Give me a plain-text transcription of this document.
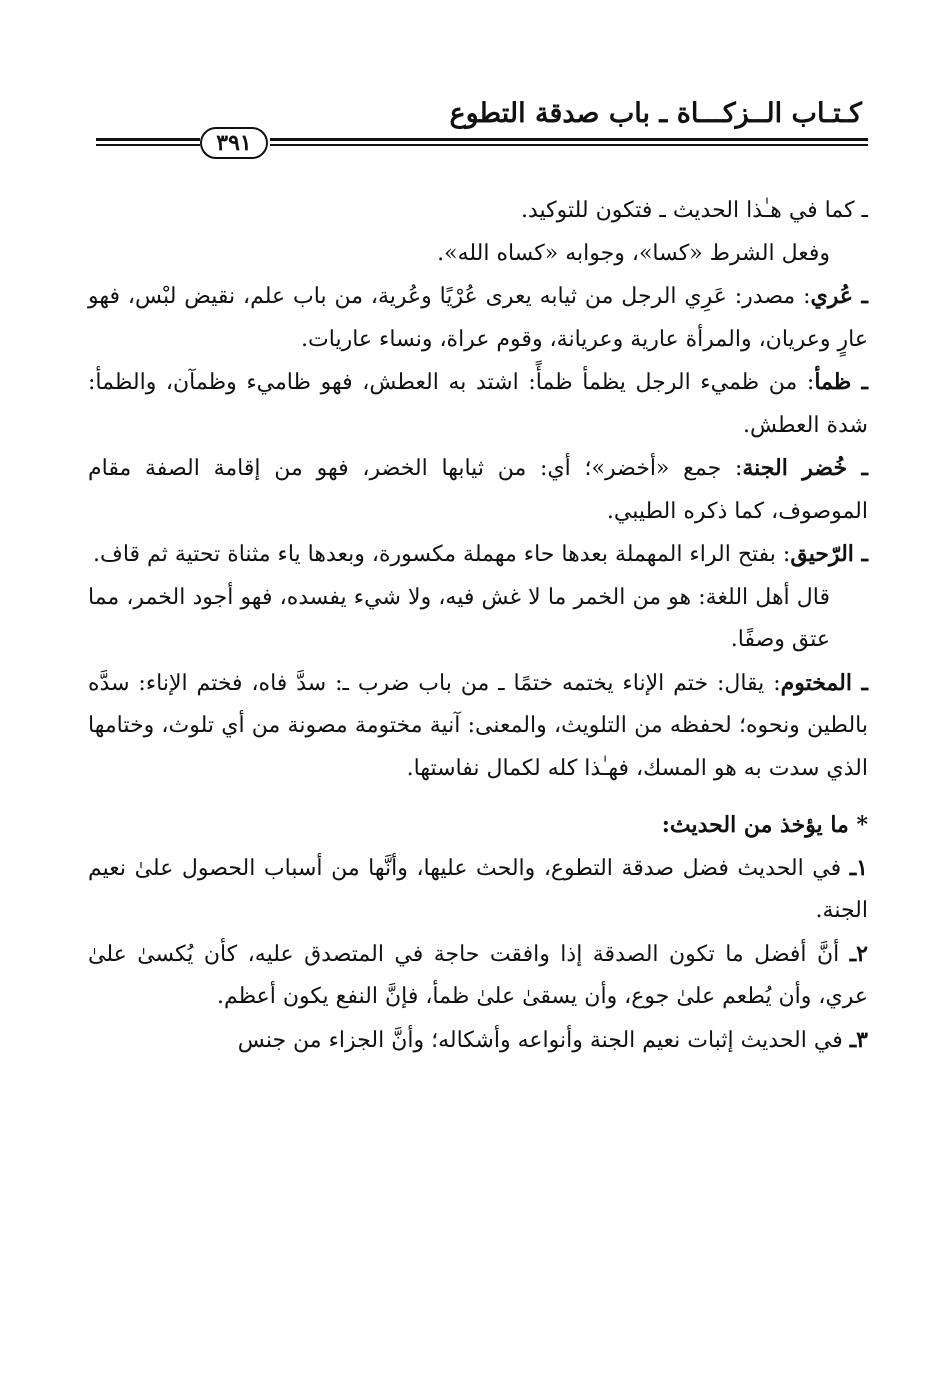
كـتـاب الــزكـــاة ـ باب صدقة التطوع
٣٩١

ـ كما في هـٰذا الحديث ـ فتكون للتوكيد.

وفعل الشرط «كسا»، وجوابه «كساه الله».

ـ عُري: مصدر: عَرِي الرجل من ثيابه يعرى عُرْيًا وعُرية، من باب علم، نقيض لبْس، فهو عارٍ وعريان، والمرأة عارية وعريانة، وقوم عراة، ونساء عاريات.

ـ ظمأ: من ظميء الرجل يظمأ ظمأً: اشتد به العطش، فهو ظاميء وظمآن، والظمأ: شدة العطش.

ـ خُضر الجنة: جمع «أخضر»؛ أي: من ثيابها الخضر، فهو من إقامة الصفة مقام الموصوف، كما ذكره الطيبي.

ـ الرّحيق: بفتح الراء المهملة بعدها حاء مهملة مكسورة، وبعدها ياء مثناة تحتية ثم قاف.

قال أهل اللغة: هو من الخمر ما لا غش فيه، ولا شيء يفسده، فهو أجود الخمر، مما عتق وصفًا.

ـ المختوم: يقال: ختم الإناء يختمه ختمًا ـ من باب ضرب ـ: سدَّ فاه، فختم الإناء: سدَّه بالطين ونحوه؛ لحفظه من التلويث، والمعنى: آنية مختومة مصونة من أي تلوث، وختامها الذي سدت به هو المسك، فهـٰذا كله لكمال نفاستها.

* ما يؤخذ من الحديث:

١ـ في الحديث فضل صدقة التطوع، والحث عليها، وأنَّها من أسباب الحصول علىٰ نعيم الجنة.

٢ـ أنَّ أفضل ما تكون الصدقة إذا وافقت حاجة في المتصدق عليه، كأن يُكسىٰ علىٰ عري، وأن يُطعم علىٰ جوع، وأن يسقىٰ علىٰ ظمأ، فإنَّ النفع يكون أعظم.

٣ـ في الحديث إثبات نعيم الجنة وأنواعه وأشكاله؛ وأنَّ الجزاء من جنس
